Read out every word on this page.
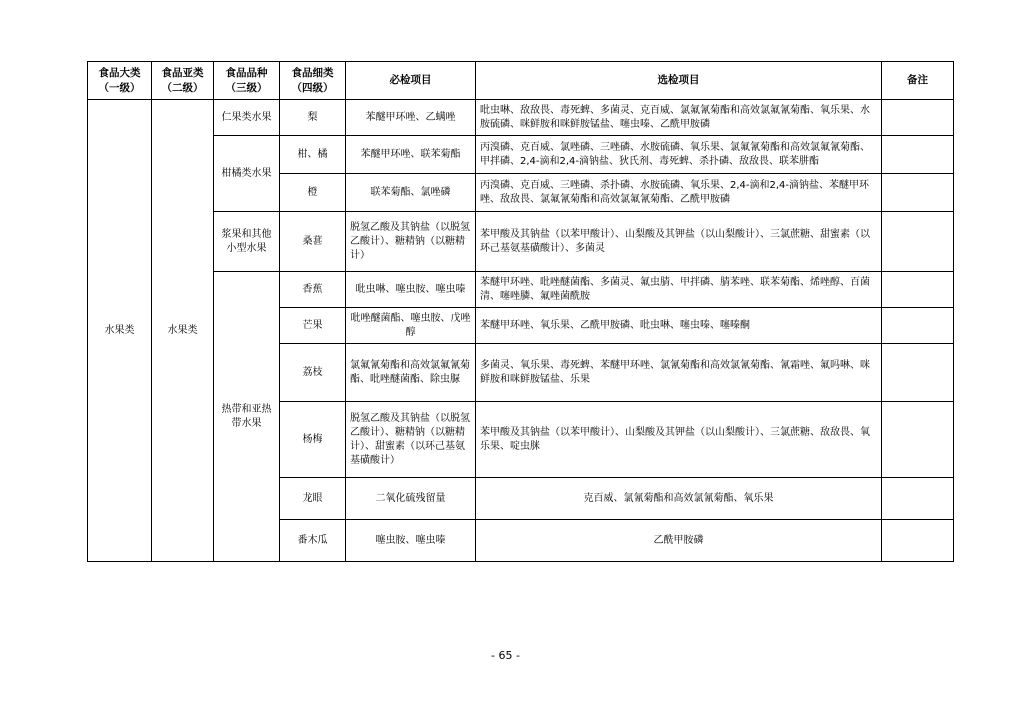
食品大类（一级）	食品亚类（二级）	食品品种（三级）	食品细类（四级）	必检项目	选检项目	备注
水果类	水果类	仁果类水果	梨	苯醚甲环唑、乙螨唑	吡虫啉、敌敌畏、毒死蜱、多菌灵、克百威、氯氟氰菊酯和高效氯氟氰菊酯、氧乐果、水胺硫磷、咪鲜胺和咪鲜胺锰盐、噻虫嗪、乙酰甲胺磷	
		柑橘类水果	柑、橘	苯醚甲环唑、联苯菊酯	丙溴磷、克百威、氯唑磷、三唑磷、水胺硫磷、氧乐果、氯氟氰菊酯和高效氯氟氰菊酯、甲拌磷、2,4-滴和2,4-滴钠盐、狄氏剂、毒死蜱、杀扑磷、敌敌畏、联苯肼酯	
			橙	联苯菊酯、氯唑磷	丙溴磷、克百威、三唑磷、杀扑磷、水胺硫磷、氧乐果、2,4-滴和2,4-滴钠盐、苯醚甲环唑、敌敌畏、氯氟氰菊酯和高效氯氟氰菊酯、乙酰甲胺磷	
		浆果和其他小型水果	桑葚	脱氢乙酸及其钠盐（以脱氢乙酸计）、糖精钠（以糖精计）	苯甲酸及其钠盐（以苯甲酸计）、山梨酸及其钾盐（以山梨酸计）、三氯蔗糖、甜蜜素（以环己基氨基磺酸计）、多菌灵	
		热带和亚热带水果	香蕉	吡虫啉、噻虫胺、噻虫嗪	苯醚甲环唑、吡唑醚菌酯、多菌灵、氟虫腈、甲拌磷、腈苯唑、联苯菊酯、烯唑醇、百菌清、噻唑膦、氟唑菌酰胺	
			芒果	吡唑醚菌酯、噻虫胺、戊唑醇	苯醚甲环唑、氧乐果、乙酰甲胺磷、吡虫啉、噻虫嗪、噻嗪酮	
			荔枝	氯氟氰菊酯和高效氯氟氰菊酯、吡唑醚菌酯、除虫脲	多菌灵、氧乐果、毒死蜱、苯醚甲环唑、氯氰菊酯和高效氯氰菊酯、氰霜唑、氟吗啉、咪鲜胺和咪鲜胺锰盐、乐果	
			杨梅	脱氢乙酸及其钠盐（以脱氢乙酸计）、糖精钠（以糖精计）、甜蜜素（以环己基氨基磺酸计）	苯甲酸及其钠盐（以苯甲酸计）、山梨酸及其钾盐（以山梨酸计）、三氯蔗糖、敌敌畏、氧乐果、啶虫脒	
			龙眼	二氧化硫残留量	克百威、氯氰菊酯和高效氯氰菊酯、氧乐果	
			番木瓜	噻虫胺、噻虫嗪	乙酰甲胺磷	
- 65 -
